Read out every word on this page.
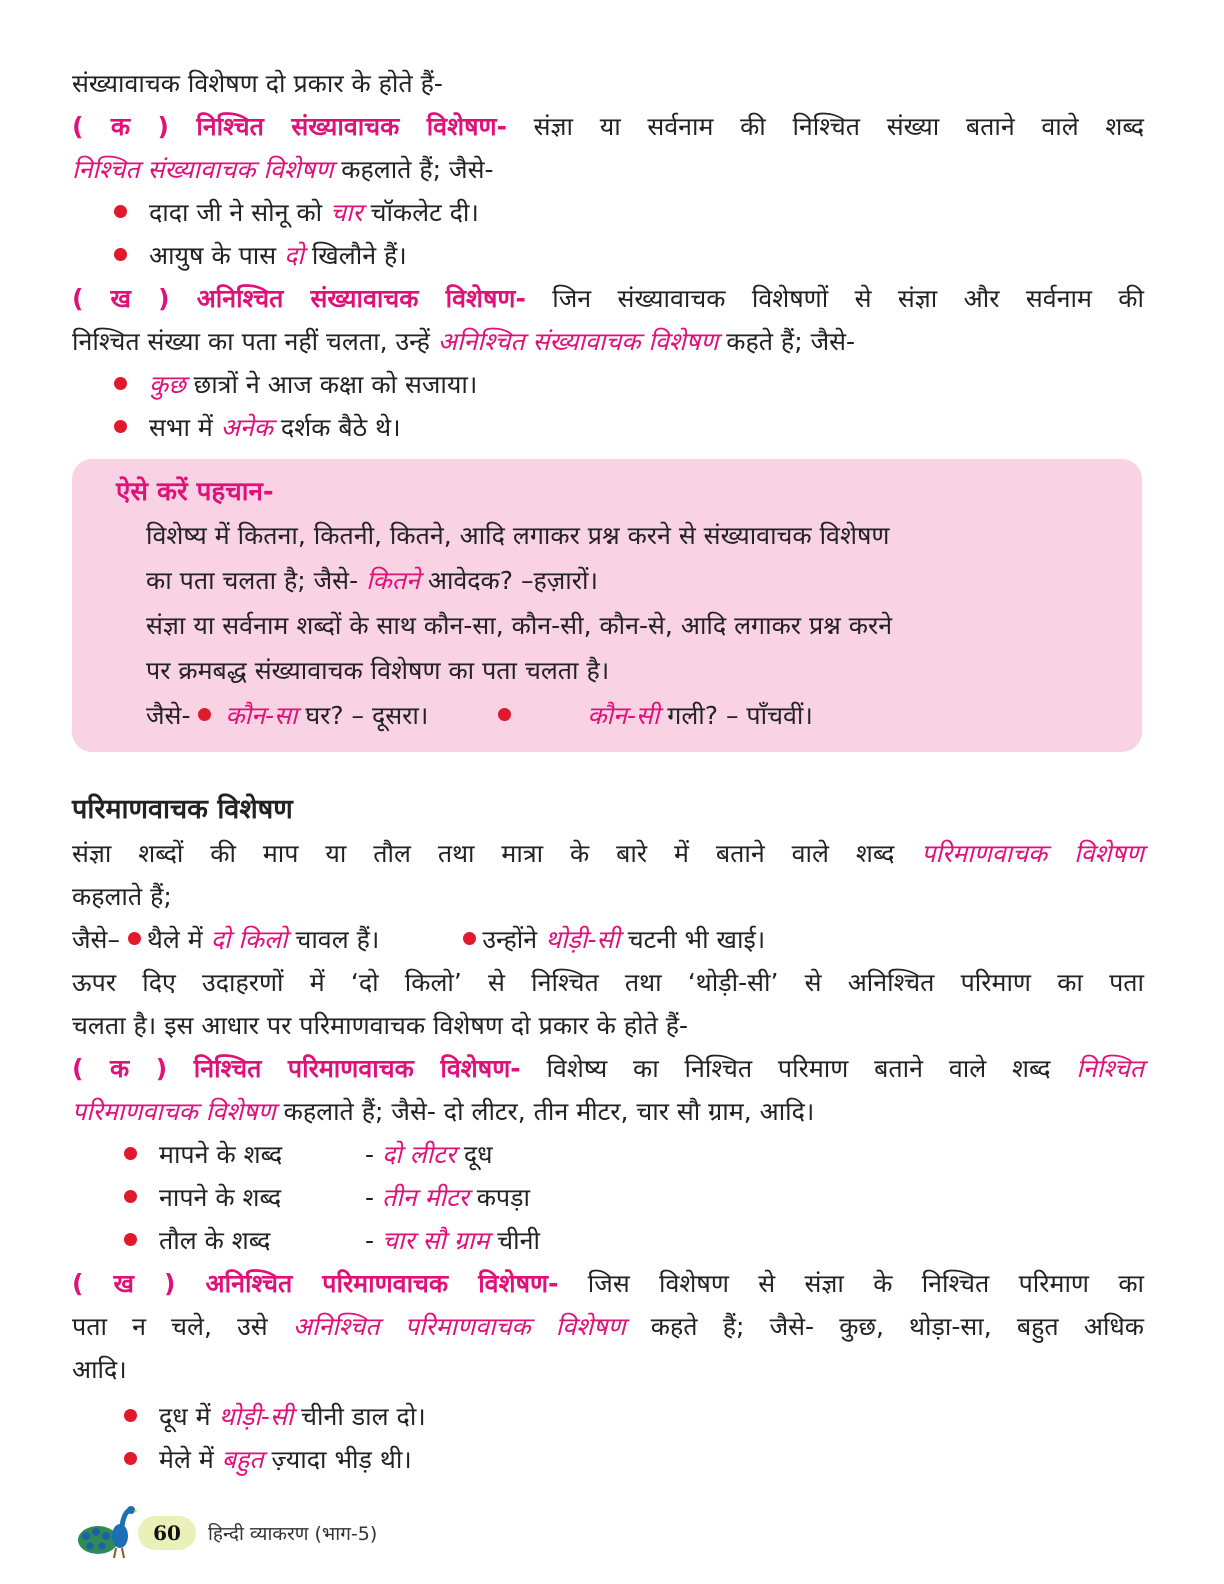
संख्यावाचक विशेषण दो प्रकार के होते हैं-
( क ) निश्चित संख्यावाचक विशेषण- संज्ञा या सर्वनाम की निश्चित संख्या बताने वाले शब्द
निश्चित संख्यावाचक विशेषण कहलाते हैं; जैसे-
दादा जी ने सोनू को चार चॉकलेट दी।
आयुष के पास दो खिलौने हैं।
( ख ) अनिश्चित संख्यावाचक विशेषण- जिन संख्यावाचक विशेषणों से संज्ञा और सर्वनाम की
निश्चित संख्या का पता नहीं चलता, उन्हें अनिश्चित संख्यावाचक विशेषण कहते हैं; जैसे-
कुछ छात्रों ने आज कक्षा को सजाया।
सभा में अनेक दर्शक बैठे थे।
ऐसे करें पहचान-
विशेष्य में कितना, कितनी, कितने, आदि लगाकर प्रश्न करने से संख्यावाचक विशेषण
का पता चलता है; जैसे- कितने आवेदक? –हज़ारों।
संज्ञा या सर्वनाम शब्दों के साथ कौन-सा, कौन-सी, कौन-से, आदि लगाकर प्रश्न करने
पर क्रमबद्ध संख्यावाचक विशेषण का पता चलता है।
जैसे- कौन-सा घर? – दूसरा।	कौन-सी गली? – पाँचवीं।
परिमाणवाचक विशेषण
संज्ञा शब्दों की माप या तौल तथा मात्रा के बारे में बताने वाले शब्द परिमाणवाचक विशेषण
कहलाते हैं;
जैसे– थैले में दो किलो चावल हैं।	उन्होंने थोड़ी-सी चटनी भी खाई।
ऊपर दिए उदाहरणों में ‘दो किलो’ से निश्चित तथा ‘थोड़ी-सी’ से अनिश्चित परिमाण का पता
चलता है। इस आधार पर परिमाणवाचक विशेषण दो प्रकार के होते हैं-
( क ) निश्चित परिमाणवाचक विशेषण- विशेष्य का निश्चित परिमाण बताने वाले शब्द निश्चित
परिमाणवाचक विशेषण कहलाते हैं; जैसे- दो लीटर, तीन मीटर, चार सौ ग्राम, आदि।
मापने के शब्द	- दो लीटर दूध
नापने के शब्द	- तीन मीटर कपड़ा
तौल के शब्द	- चार सौ ग्राम चीनी
( ख ) अनिश्चित परिमाणवाचक विशेषण- जिस विशेषण से संज्ञा के निश्चित परिमाण का
पता न चले, उसे अनिश्चित परिमाणवाचक विशेषण कहते हैं; जैसे- कुछ, थोड़ा-सा, बहुत अधिक
आदि।
दूध में थोड़ी-सी चीनी डाल दो।
मेले में बहुत ज़्यादा भीड़ थी।
60	हिन्दी व्याकरण (भाग-5)
